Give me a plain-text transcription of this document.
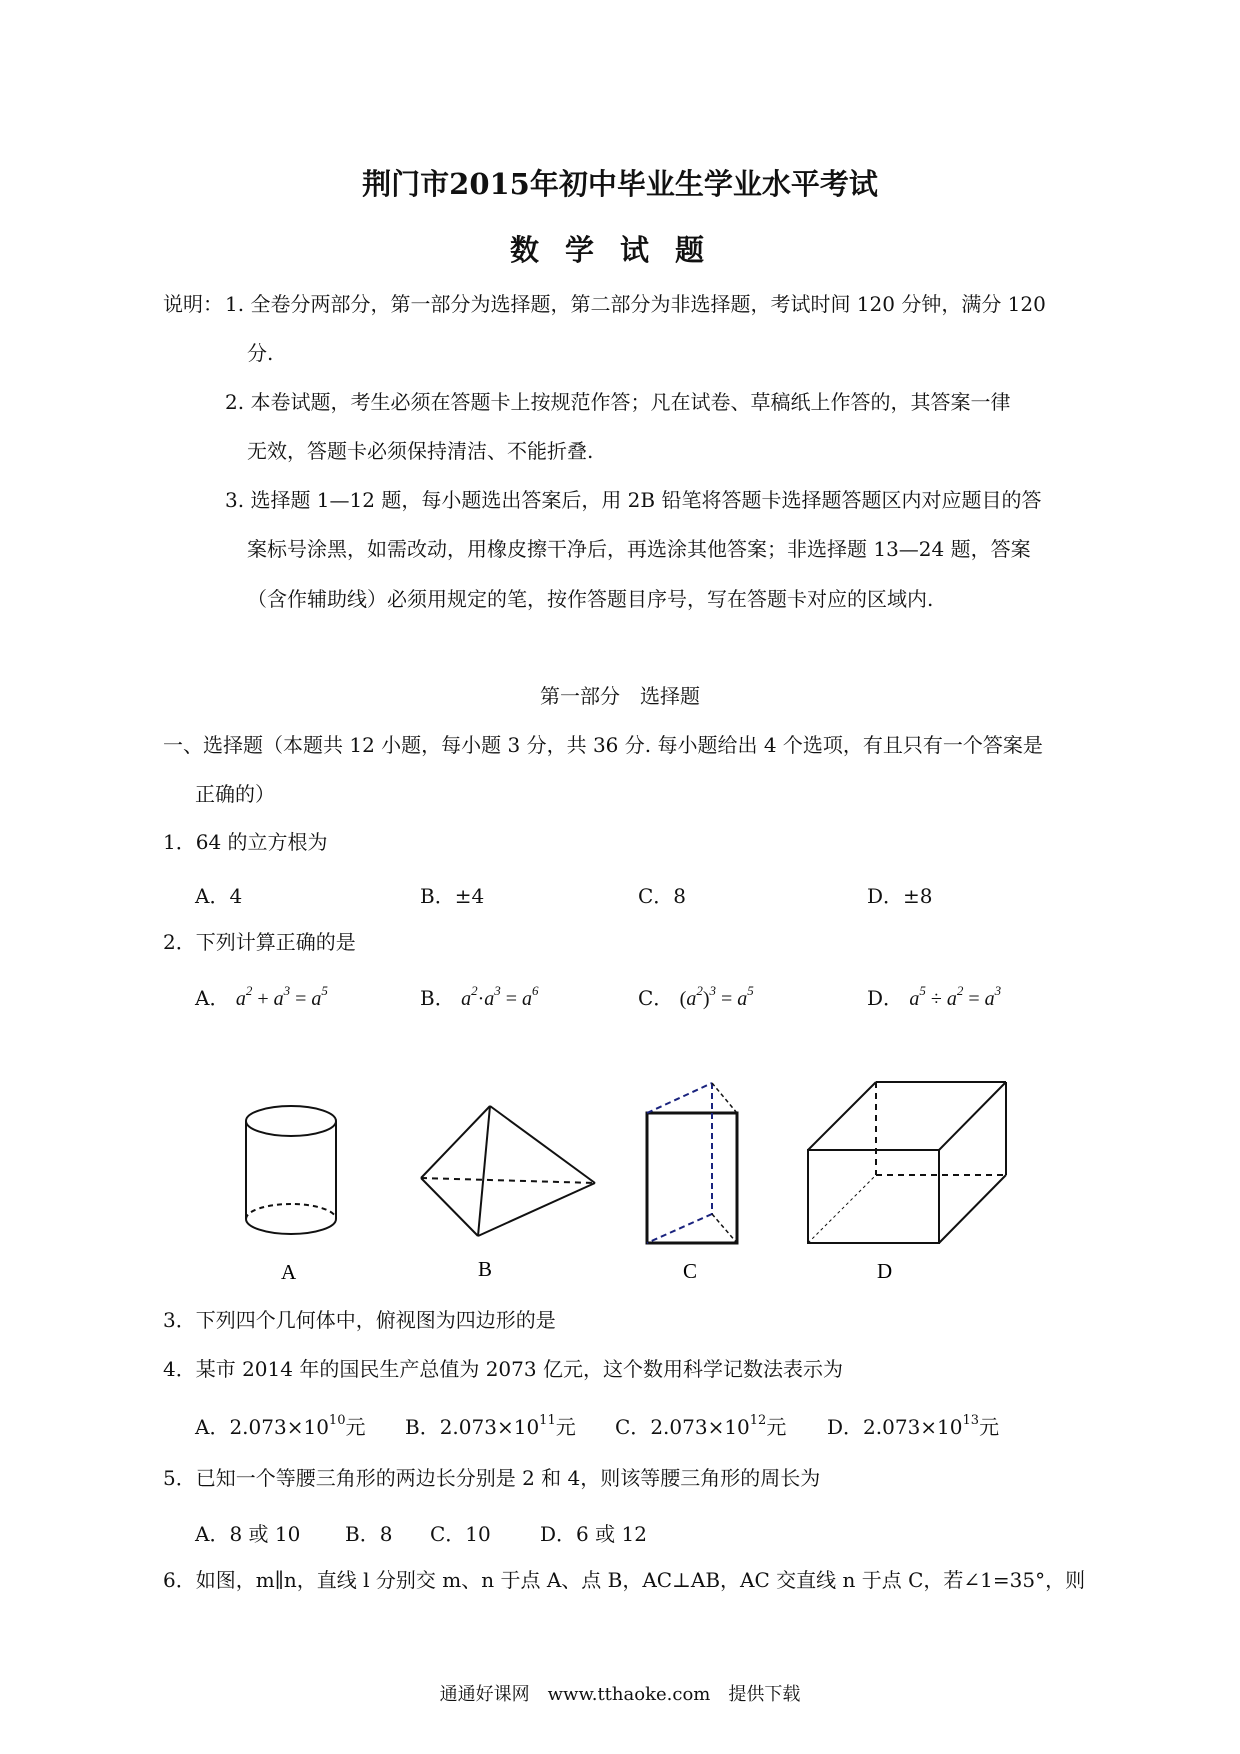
荆门市2015年初中毕业生学业水平考试
数学试题
说明： 1. 全卷分两部分，第一部分为选择题，第二部分为非选择题，考试时间 120 分钟，满分 120
分.
2. 本卷试题，考生必须在答题卡上按规范作答；凡在试卷、草稿纸上作答的，其答案一律
无效，答题卡必须保持清洁、不能折叠.
3. 选择题 1—12 题，每小题选出答案后，用 2B 铅笔将答题卡选择题答题区内对应题目的答
案标号涂黑，如需改动，用橡皮擦干净后，再选涂其他答案；非选择题 13—24 题，答案
（含作辅助线）必须用规定的笔，按作答题目序号，写在答题卡对应的区域内.
第一部分　选择题
一、选择题（本题共 12 小题，每小题 3 分，共 36 分. 每小题给出 4 个选项，有且只有一个答案是
正确的）
1．64 的立方根为
A．4	B．±4	C．8	D．±8
2．下列计算正确的是
A． $a^2 + a^3 = a^5$	B． $a^2\cdot a^3 = a^6$	C． $(a^2)^3 = a^5$	D． $a^5 \div a^2 = a^3$
A	B	C	D
3．下列四个几何体中，俯视图为四边形的是
4．某市 2014 年的国民生产总值为 2073 亿元，这个数用科学记数法表示为
A．$2.073\times 10^{10}$元 B．$2.073\times 10^{11}$元 C．$2.073\times 10^{12}$元 D．$2.073\times 10^{13}$元
5．已知一个等腰三角形的两边长分别是 2 和 4，则该等腰三角形的周长为
A．8 或 10 B．8 C．10 D．6 或 12
6．如图，m∥n，直线 l 分别交 m、n 于点 A、点 B，AC⊥AB，AC 交直线 n 于点 C，若∠1=35°，则
通通好课网　www.tthaoke.com　提供下载
